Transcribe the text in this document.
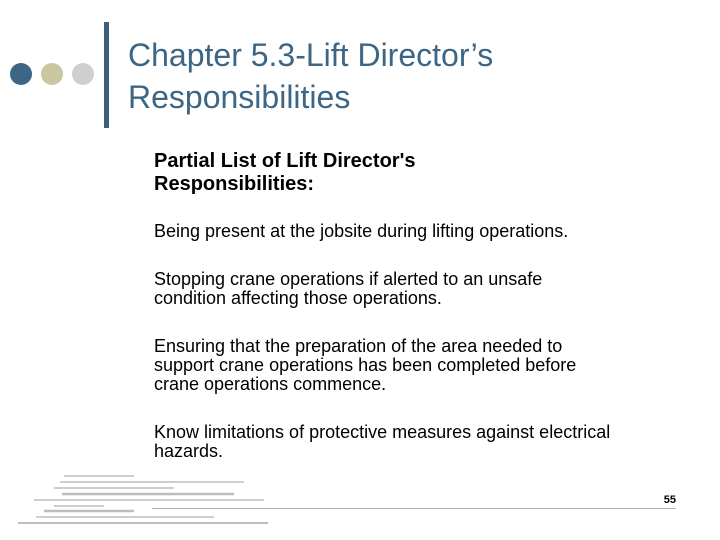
Chapter 5.3-Lift Director’s
Responsibilities
Partial List of Lift Director's
Responsibilities:
Being present at the jobsite during lifting operations.
Stopping crane operations if alerted to an unsafe
condition affecting those operations.
Ensuring that the preparation of the area needed to
support crane operations has been completed before
crane operations commence.
Know limitations of protective measures against electrical
hazards.
55
